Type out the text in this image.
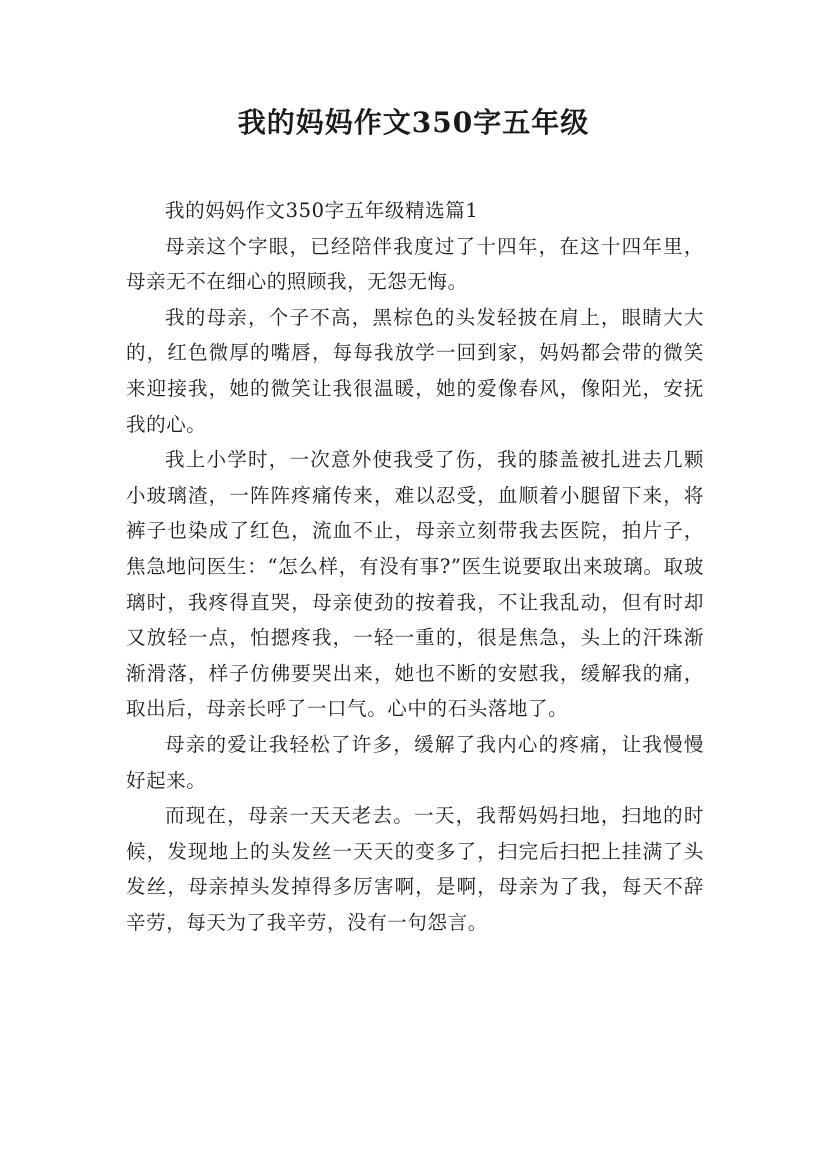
我的妈妈作文350字五年级

我的妈妈作文350字五年级精选篇1

母亲这个字眼，已经陪伴我度过了十四年，在这十四年里，母亲无不在细心的照顾我，无怨无悔。

我的母亲，个子不高，黑棕色的头发轻披在肩上，眼睛大大的，红色微厚的嘴唇，每每我放学一回到家，妈妈都会带的微笑来迎接我，她的微笑让我很温暖，她的爱像春风，像阳光，安抚我的心。

我上小学时，一次意外使我受了伤，我的膝盖被扎进去几颗小玻璃渣，一阵阵疼痛传来，难以忍受，血顺着小腿留下来，将裤子也染成了红色，流血不止，母亲立刻带我去医院，拍片子，焦急地问医生：“怎么样，有没有事?”医生说要取出来玻璃。取玻璃时，我疼得直哭，母亲使劲的按着我，不让我乱动，但有时却又放轻一点，怕摁疼我，一轻一重的，很是焦急，头上的汗珠渐渐滑落，样子仿佛要哭出来，她也不断的安慰我，缓解我的痛，取出后，母亲长呼了一口气。心中的石头落地了。

母亲的爱让我轻松了许多，缓解了我内心的疼痛，让我慢慢好起来。

而现在，母亲一天天老去。一天，我帮妈妈扫地，扫地的时候，发现地上的头发丝一天天的变多了，扫完后扫把上挂满了头发丝，母亲掉头发掉得多厉害啊，是啊，母亲为了我，每天不辞辛劳，每天为了我辛劳，没有一句怨言。
